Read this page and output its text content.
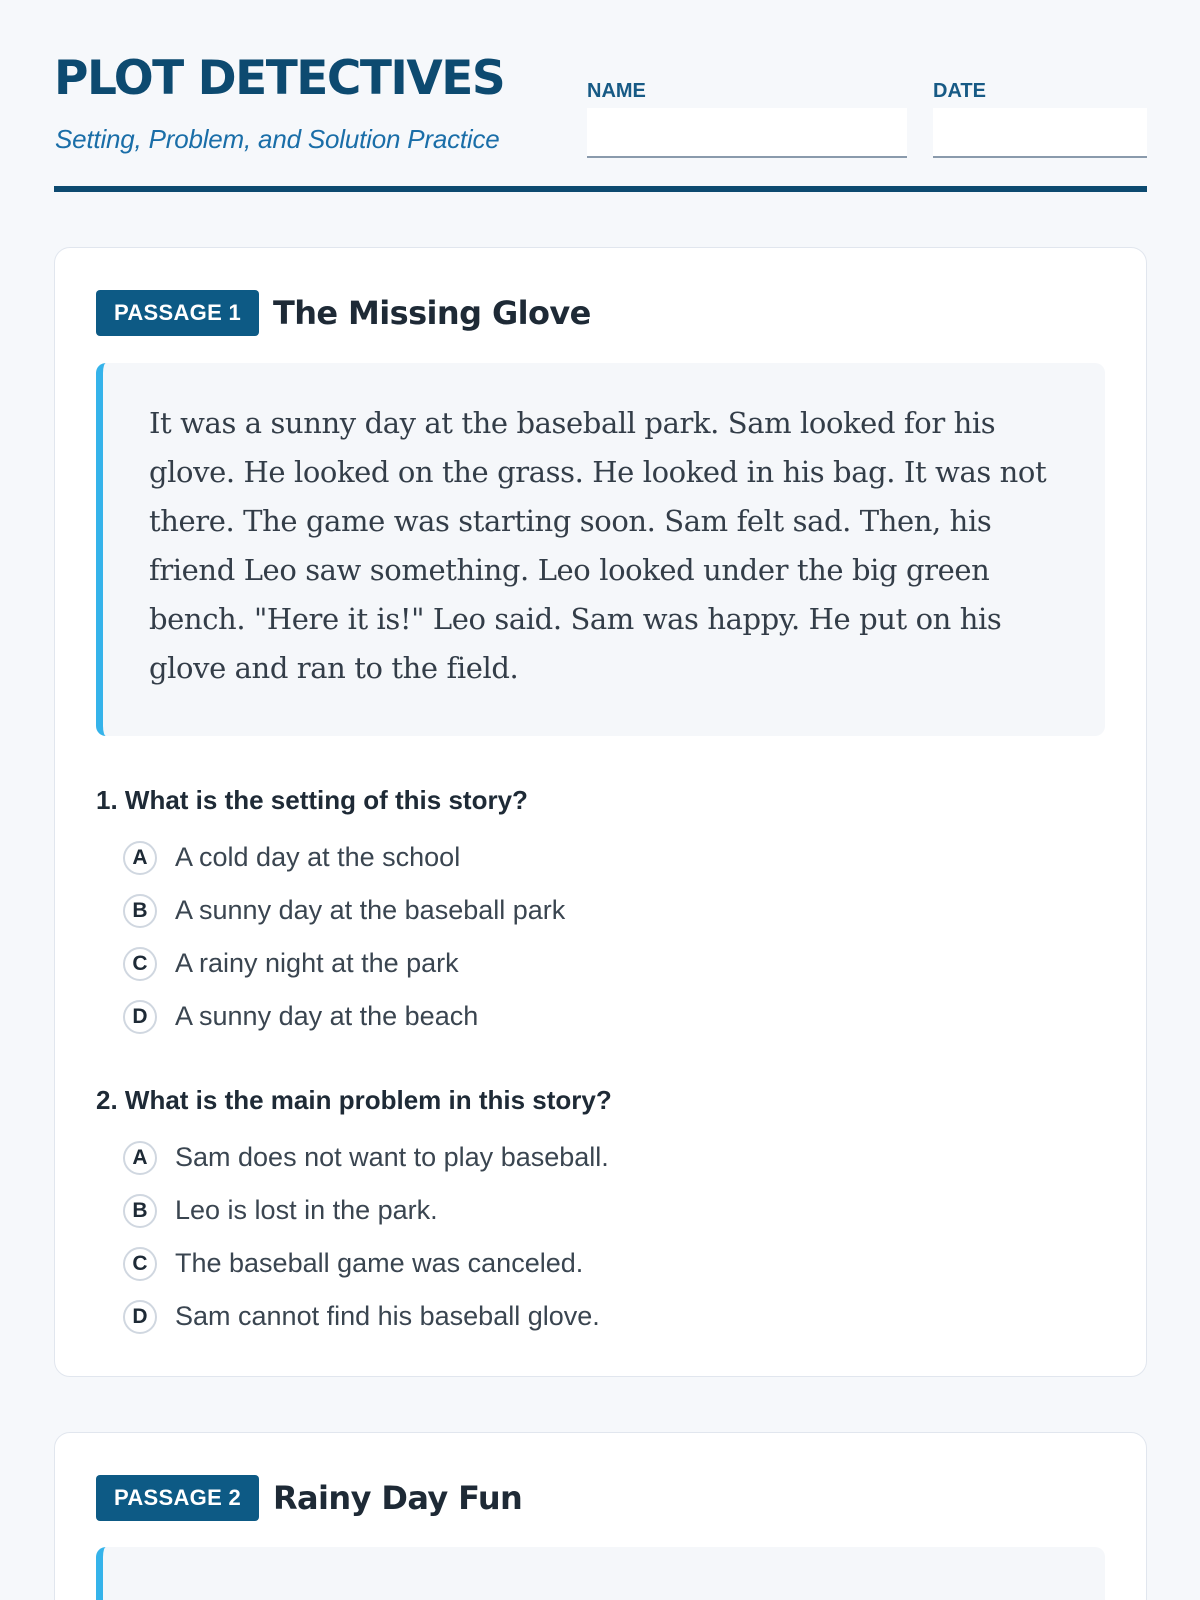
PLOT DETECTIVES
Setting, Problem, and Solution Practice
NAME	DATE
PASSAGE 1	The Missing Glove

It was a sunny day at the baseball park. Sam looked for his glove. He looked on the grass. He looked in his bag. It was not there. The game was starting soon. Sam felt sad. Then, his friend Leo saw something. Leo looked under the big green bench. "Here it is!" Leo said. Sam was happy. He put on his glove and ran to the field.

1. What is the setting of this story?

A	A cold day at the school
B	A sunny day at the baseball park
C	A rainy night at the park
D	A sunny day at the beach

2. What is the main problem in this story?

A	Sam does not want to play baseball.
B	Leo is lost in the park.
C	The baseball game was canceled.
D	Sam cannot find his baseball glove.
PASSAGE 2	Rainy Day Fun
